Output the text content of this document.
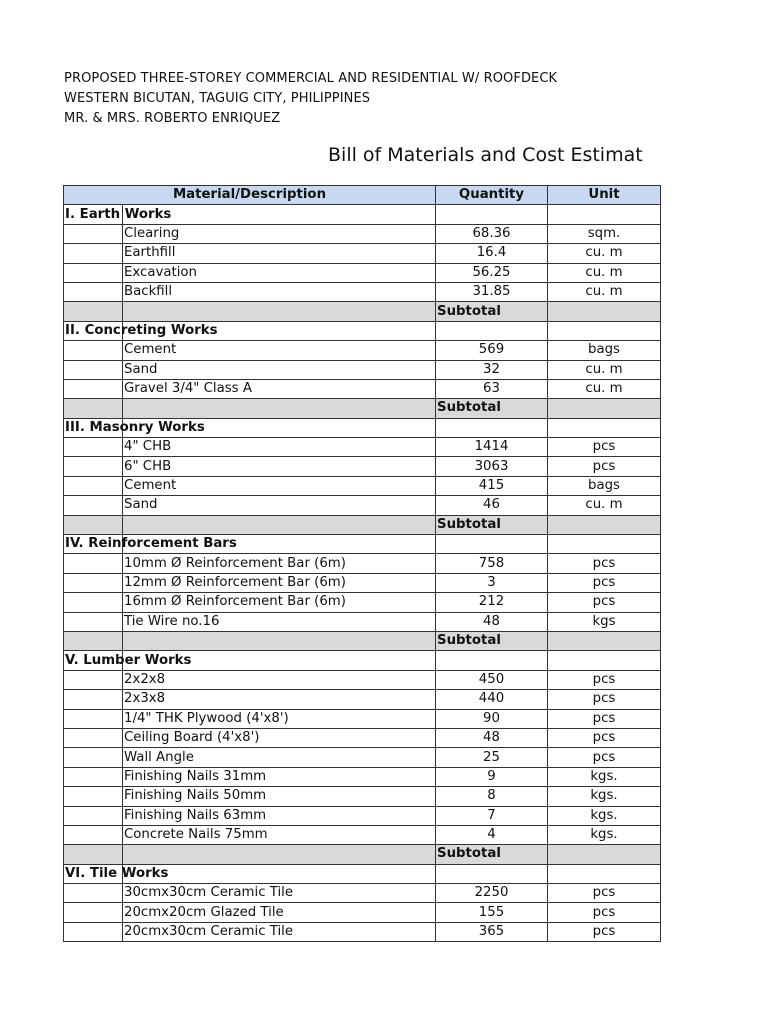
PROPOSED THREE-STOREY COMMERCIAL AND RESIDENTIAL W/ ROOFDECK
WESTERN BICUTAN, TAGUIG CITY, PHILIPPINES
MR. & MRS. ROBERTO ENRIQUEZ
Bill of Materials and Cost Estimat
Material/Description		Quantity	Unit
I. Earth Works			
	Clearing	68.36	sqm.
	Earthfill	16.4	cu. m
	Excavation	56.25	cu. m
	Backfill	31.85	cu. m
		Subtotal	
II. Concreting Works			
	Cement	569	bags
	Sand	32	cu. m
	Gravel 3/4" Class A	63	cu. m
		Subtotal	
III. Masonry Works			
	4" CHB	1414	pcs
	6" CHB	3063	pcs
	Cement	415	bags
	Sand	46	cu. m
		Subtotal	
IV. Reinforcement Bars			
	10mm Ø Reinforcement Bar (6m)	758	pcs
	12mm Ø Reinforcement Bar (6m)	3	pcs
	16mm Ø Reinforcement Bar (6m)	212	pcs
	Tie Wire no.16	48	kgs
		Subtotal	
V. Lumber Works			
	2x2x8	450	pcs
	2x3x8	440	pcs
	1/4" THK Plywood (4'x8')	90	pcs
	Ceiling Board (4'x8')	48	pcs
	Wall Angle	25	pcs
	Finishing Nails 31mm	9	kgs.
	Finishing Nails 50mm	8	kgs.
	Finishing Nails 63mm	7	kgs.
	Concrete Nails 75mm	4	kgs.
		Subtotal	
VI. Tile Works			
	30cmx30cm Ceramic Tile	2250	pcs
	20cmx20cm Glazed Tile	155	pcs
	20cmx30cm Ceramic Tile	365	pcs
